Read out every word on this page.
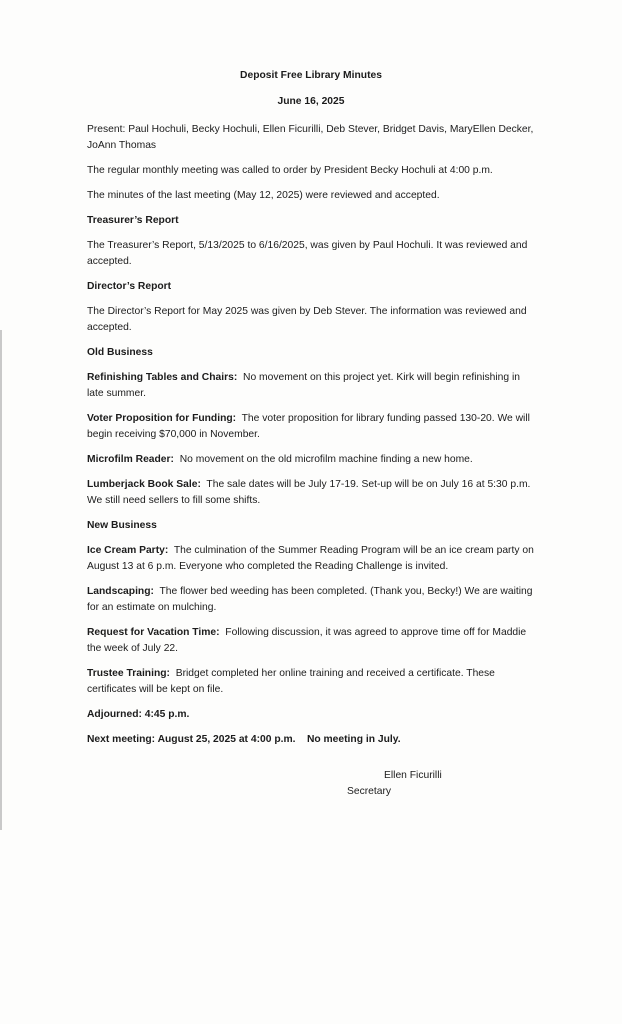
Deposit Free Library Minutes

June 16, 2025

Present: Paul Hochuli, Becky Hochuli, Ellen Ficurilli, Deb Stever, Bridget Davis, MaryEllen Decker, JoAnn Thomas

The regular monthly meeting was called to order by President Becky Hochuli at 4:00 p.m.

The minutes of the last meeting (May 12, 2025) were reviewed and accepted.

Treasurer’s Report

The Treasurer’s Report, 5/13/2025 to 6/16/2025, was given by Paul Hochuli. It was reviewed and accepted.

Director’s Report

The Director’s Report for May 2025 was given by Deb Stever. The information was reviewed and accepted.

Old Business

Refinishing Tables and Chairs: No movement on this project yet. Kirk will begin refinishing in late summer.

Voter Proposition for Funding: The voter proposition for library funding passed 130-20. We will begin receiving $70,000 in November.

Microfilm Reader: No movement on the old microfilm machine finding a new home.

Lumberjack Book Sale: The sale dates will be July 17-19. Set-up will be on July 16 at 5:30 p.m. We still need sellers to fill some shifts.

New Business

Ice Cream Party: The culmination of the Summer Reading Program will be an ice cream party on August 13 at 6 p.m. Everyone who completed the Reading Challenge is invited.

Landscaping: The flower bed weeding has been completed. (Thank you, Becky!) We are waiting for an estimate on mulching.

Request for Vacation Time: Following discussion, it was agreed to approve time off for Maddie the week of July 22.

Trustee Training: Bridget completed her online training and received a certificate. These certificates will be kept on file.

Adjourned: 4:45 p.m.

Next meeting: August 25, 2025 at 4:00 p.m. No meeting in July.

Ellen Ficurilli
Secretary
